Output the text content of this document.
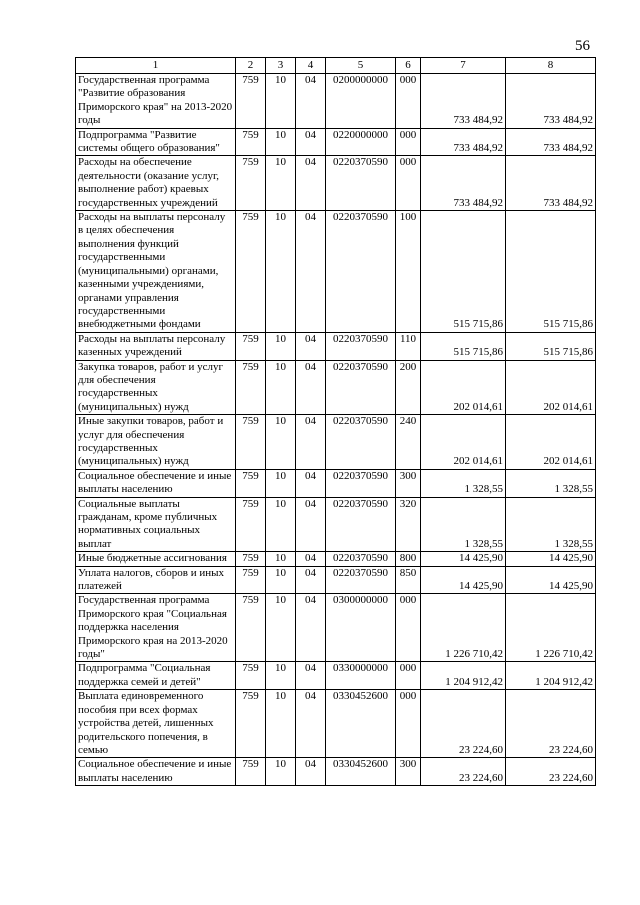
56
1	2	3	4	5	6	7	8
Государственная программа "Развитие образования Приморского края" на 2013-2020 годы	759	10	04	0200000000	000	733 484,92	733 484,92
Подпрограмма "Развитие системы общего образования"	759	10	04	0220000000	000	733 484,92	733 484,92
Расходы на обеспечение деятельности (оказание услуг, выполнение работ) краевых государственных учреждений	759	10	04	0220370590	000	733 484,92	733 484,92
Расходы на выплаты персоналу в целях обеспечения выполнения функций государственными (муниципальными) органами, казенными учреждениями, органами управления государственными внебюджетными фондами	759	10	04	0220370590	100	515 715,86	515 715,86
Расходы на выплаты персоналу казенных учреждений	759	10	04	0220370590	110	515 715,86	515 715,86
Закупка товаров, работ и услуг для обеспечения государственных (муниципальных) нужд	759	10	04	0220370590	200	202 014,61	202 014,61
Иные закупки товаров, работ и услуг для обеспечения государственных (муниципальных) нужд	759	10	04	0220370590	240	202 014,61	202 014,61
Социальное обеспечение и иные выплаты населению	759	10	04	0220370590	300	1 328,55	1 328,55
Социальные выплаты гражданам, кроме публичных нормативных социальных выплат	759	10	04	0220370590	320	1 328,55	1 328,55
Иные бюджетные ассигнования	759	10	04	0220370590	800	14 425,90	14 425,90
Уплата налогов, сборов и иных платежей	759	10	04	0220370590	850	14 425,90	14 425,90
Государственная программа Приморского края "Социальная поддержка населения Приморского края на 2013-2020 годы"	759	10	04	0300000000	000	1 226 710,42	1 226 710,42
Подпрограмма "Социальная поддержка семей и детей"	759	10	04	0330000000	000	1 204 912,42	1 204 912,42
Выплата единовременного пособия при всех формах устройства детей, лишенных родительского попечения, в семью	759	10	04	0330452600	000	23 224,60	23 224,60
Социальное обеспечение и иные выплаты населению	759	10	04	0330452600	300	23 224,60	23 224,60
